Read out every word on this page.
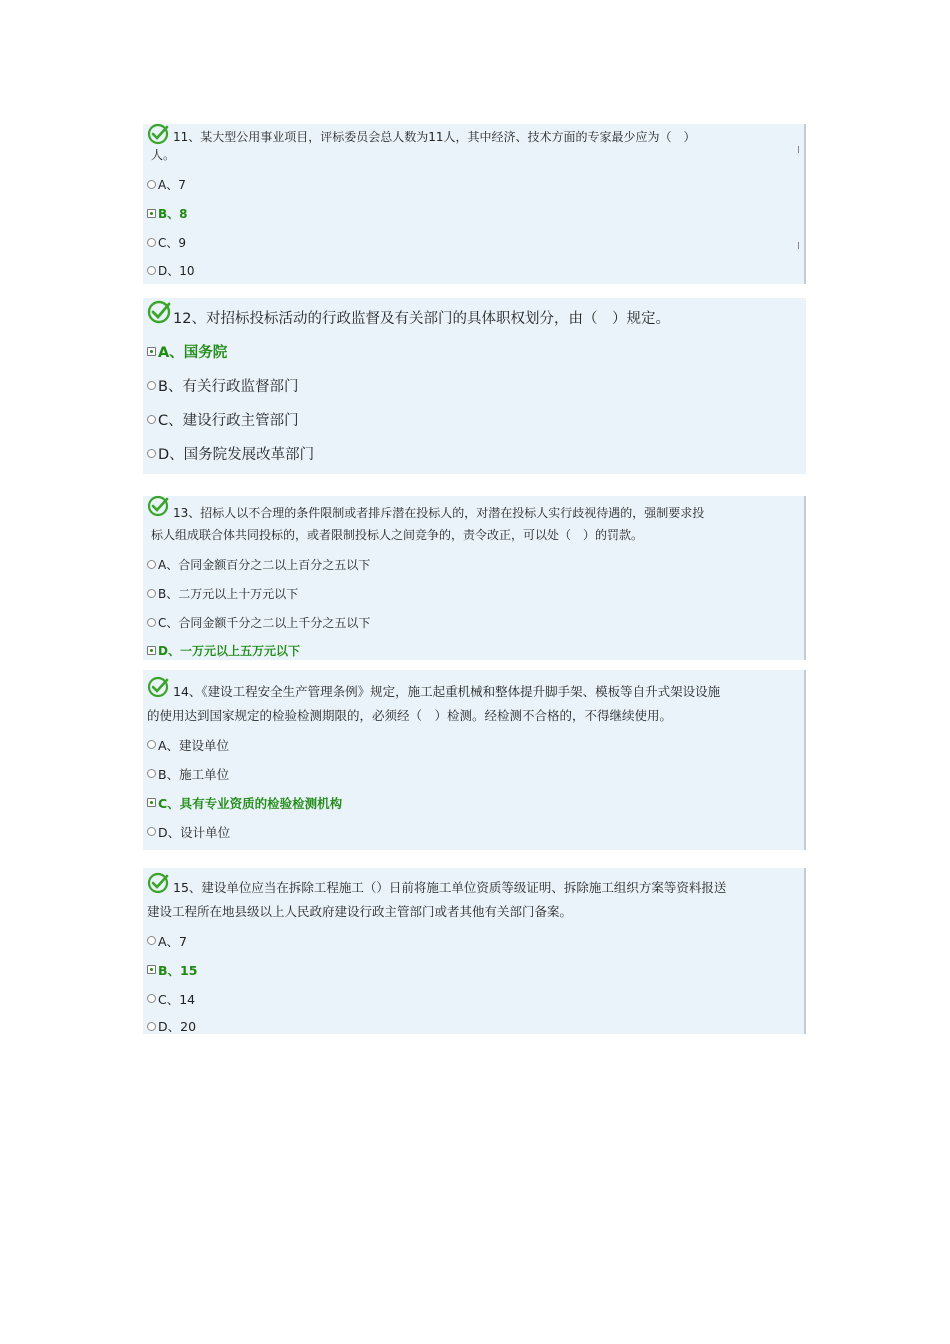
11、某大型公用事业项目，评标委员会总人数为11人，其中经济、技术方面的专家最少应为（　）
人。
A、7
B、8
C、9
D、10
12、对招标投标活动的行政监督及有关部门的具体职权划分，由（　）规定。
A、国务院
B、有关行政监督部门
C、建设行政主管部门
D、国务院发展改革部门
13、招标人以不合理的条件限制或者排斥潜在投标人的，对潜在投标人实行歧视待遇的，强制要求投
标人组成联合体共同投标的，或者限制投标人之间竞争的，责令改正，可以处（　）的罚款。
A、合同金额百分之二以上百分之五以下
B、二万元以上十万元以下
C、合同金额千分之二以上千分之五以下
D、一万元以上五万元以下
14、《建设工程安全生产管理条例》规定，施工起重机械和整体提升脚手架、模板等自升式架设设施
的使用达到国家规定的检验检测期限的，必须经（　）检测。经检测不合格的，不得继续使用。
A、建设单位
B、施工单位
C、具有专业资质的检验检测机构
D、设计单位
15、建设单位应当在拆除工程施工（）日前将施工单位资质等级证明、拆除施工组织方案等资料报送
建设工程所在地县级以上人民政府建设行政主管部门或者其他有关部门备案。
A、7
B、15
C、14
D、20
